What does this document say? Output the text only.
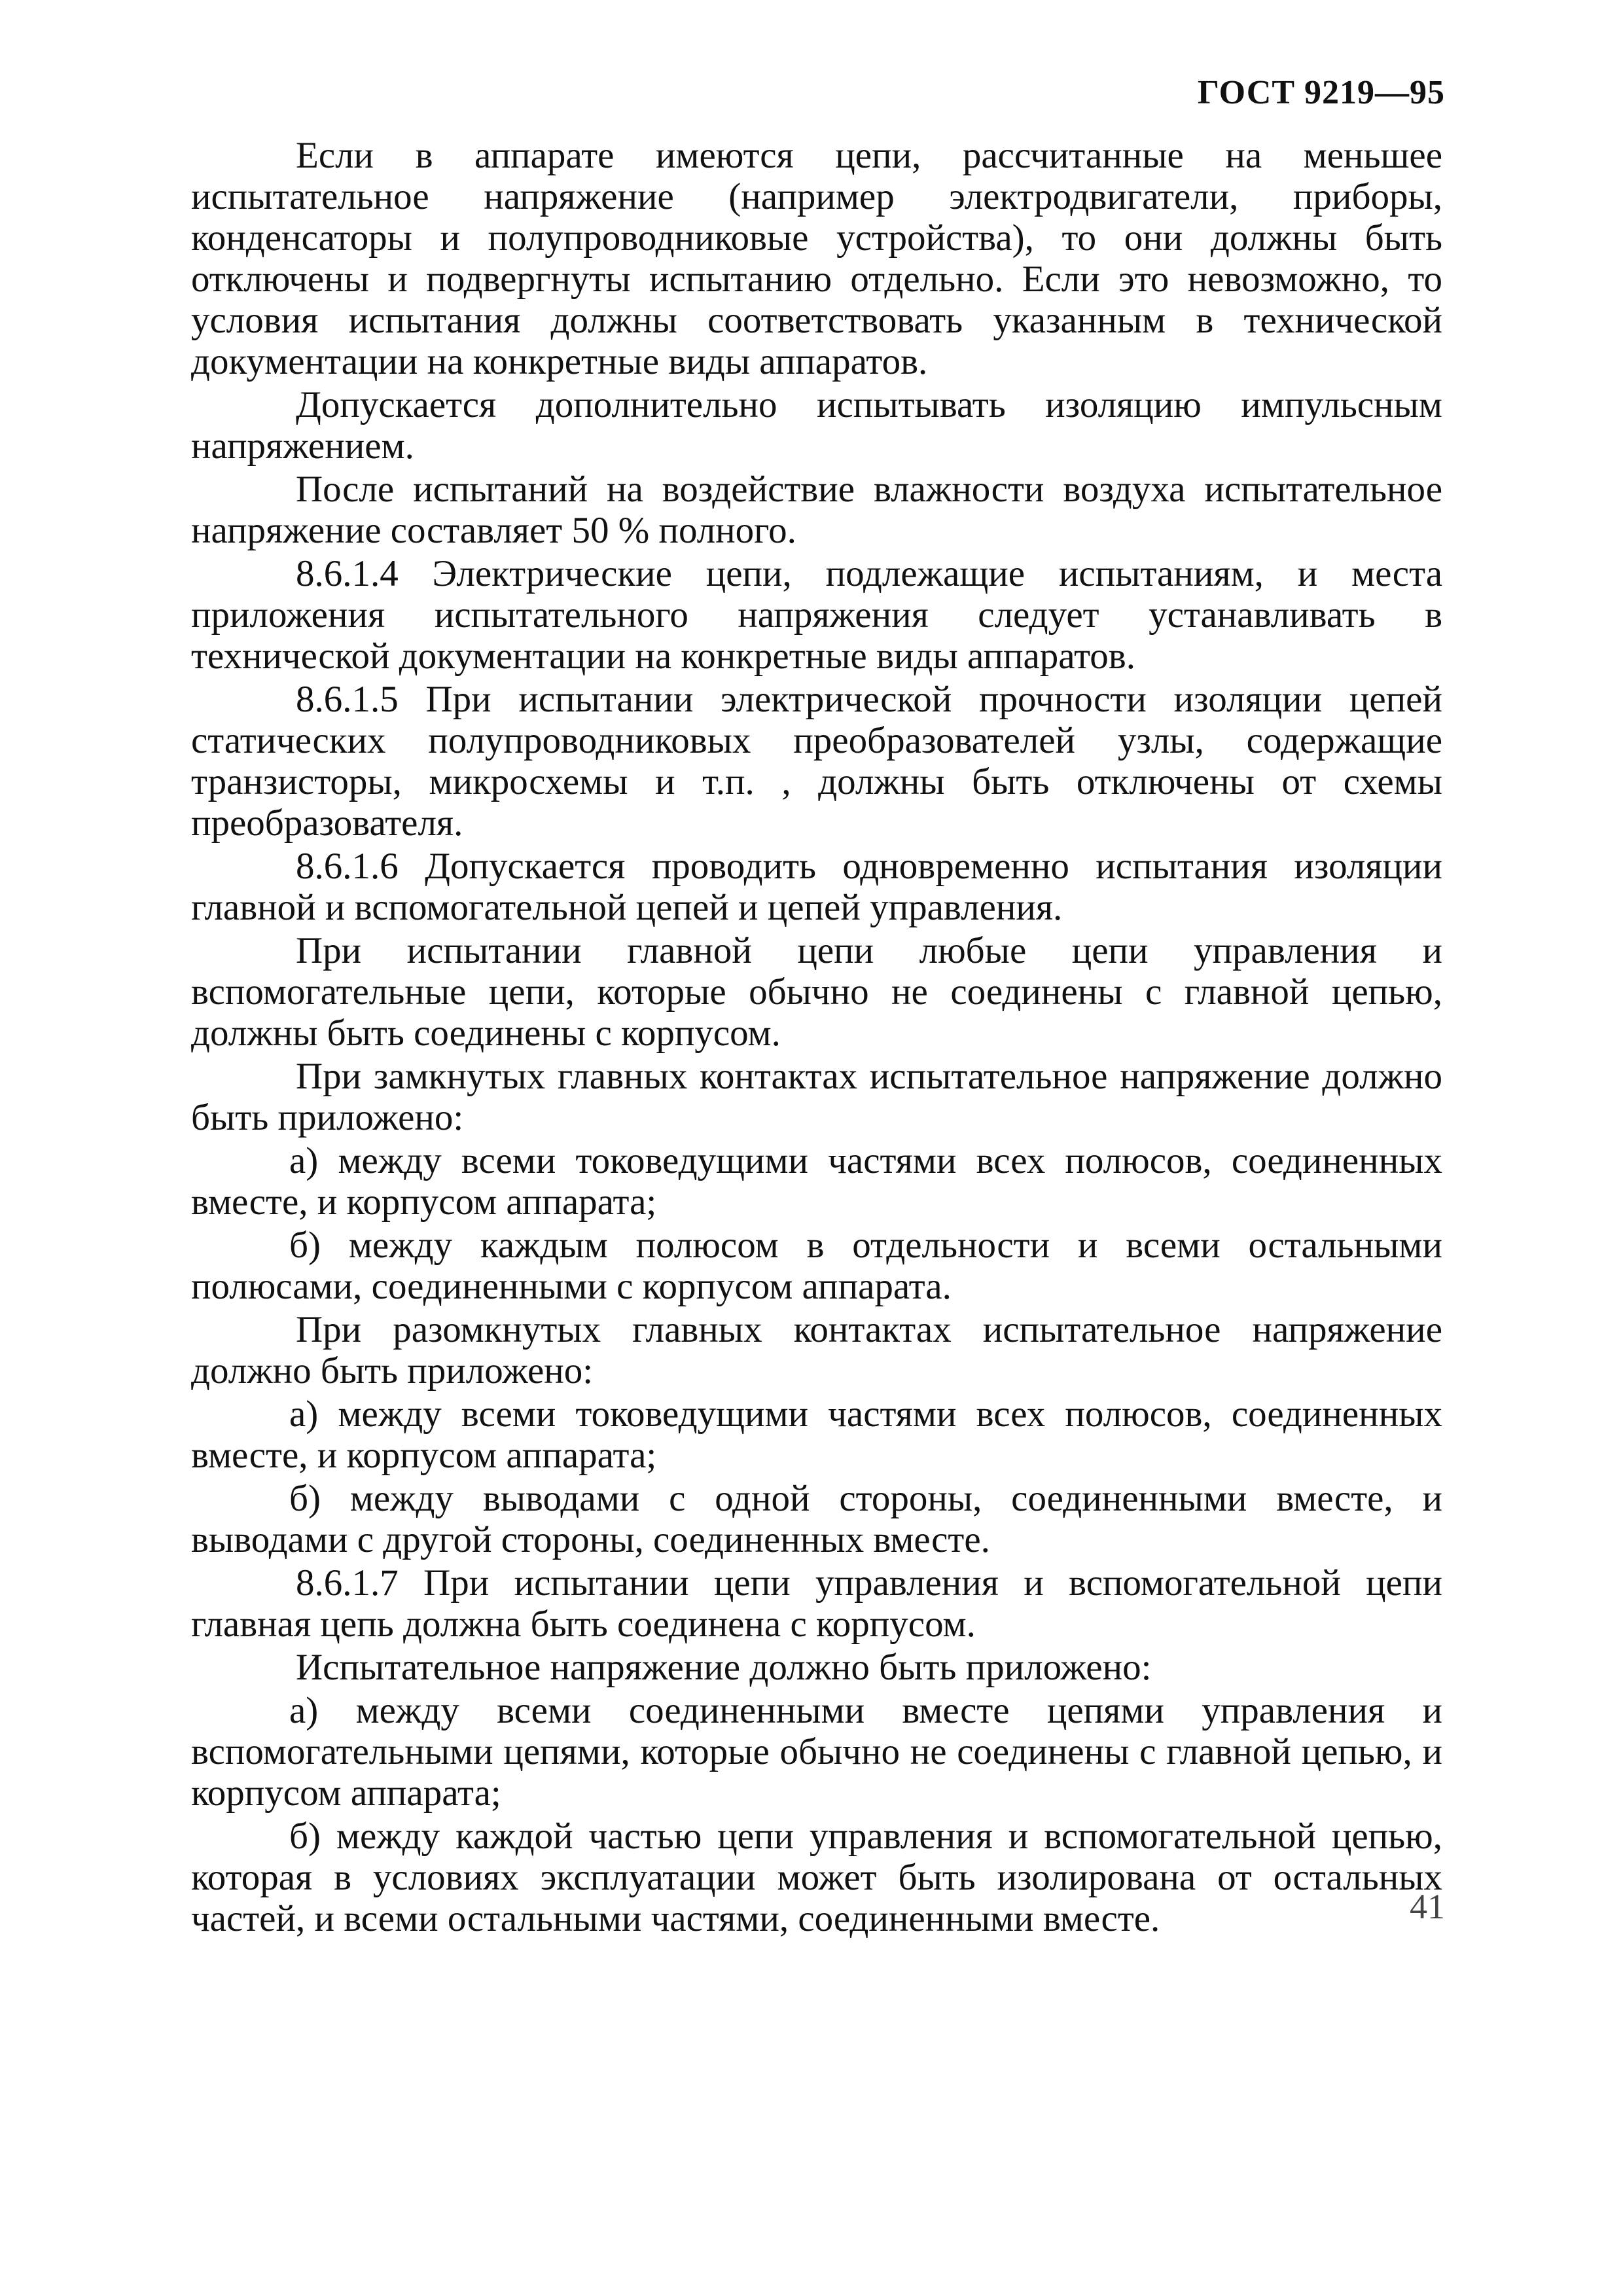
ГОСТ 9219—95

Если в аппарате имеются цепи, рассчитанные на меньшее испытательное напряжение (например электродвигатели, приборы, конденсаторы и полупроводниковые устройства), то они должны быть отключены и подвергнуты испытанию отдельно. Если это невозможно, то условия испытания должны соответствовать указанным в технической документации на конкретные виды аппаратов.

Допускается дополнительно испытывать изоляцию импульсным напряжением.

После испытаний на воздействие влажности воздуха испытательное напряжение составляет 50 % полного.

8.6.1.4 Электрические цепи, подлежащие испытаниям, и места приложения испытательного напряжения следует устанавливать в технической документации на конкретные виды аппаратов.

8.6.1.5 При испытании электрической прочности изоляции цепей статических полупроводниковых преобразователей узлы, содержащие транзисторы, микросхемы и т.п. , должны быть отключены от схемы преобразователя.

8.6.1.6 Допускается проводить одновременно испытания изоляции главной и вспомогательной цепей и цепей управления.

При испытании главной цепи любые цепи управления и вспомогательные цепи, которые обычно не соединены с главной цепью, должны быть соединены с корпусом.

При замкнутых главных контактах испытательное напряжение должно быть приложено:

а) между всеми токоведущими частями всех полюсов, соединенных вместе, и корпусом аппарата;

б) между каждым полюсом в отдельности и всеми остальными полюсами, соединенными с корпусом аппарата.

При разомкнутых главных контактах испытательное напряжение должно быть приложено:

а) между всеми токоведущими частями всех полюсов, соединенных вместе, и корпусом аппарата;

б) между выводами с одной стороны, соединенными вместе, и выводами с другой стороны, соединенных вместе.

8.6.1.7 При испытании цепи управления и вспомогательной цепи главная цепь должна быть соединена с корпусом.

Испытательное напряжение должно быть приложено:

а) между всеми соединенными вместе цепями управления и вспомогательными цепями, которые обычно не соединены с главной цепью, и корпусом аппарата;

б) между каждой частью цепи управления и вспомогательной цепью, которая в условиях эксплуатации может быть изолирована от остальных частей, и всеми остальными частями, соединенными вместе.	41
